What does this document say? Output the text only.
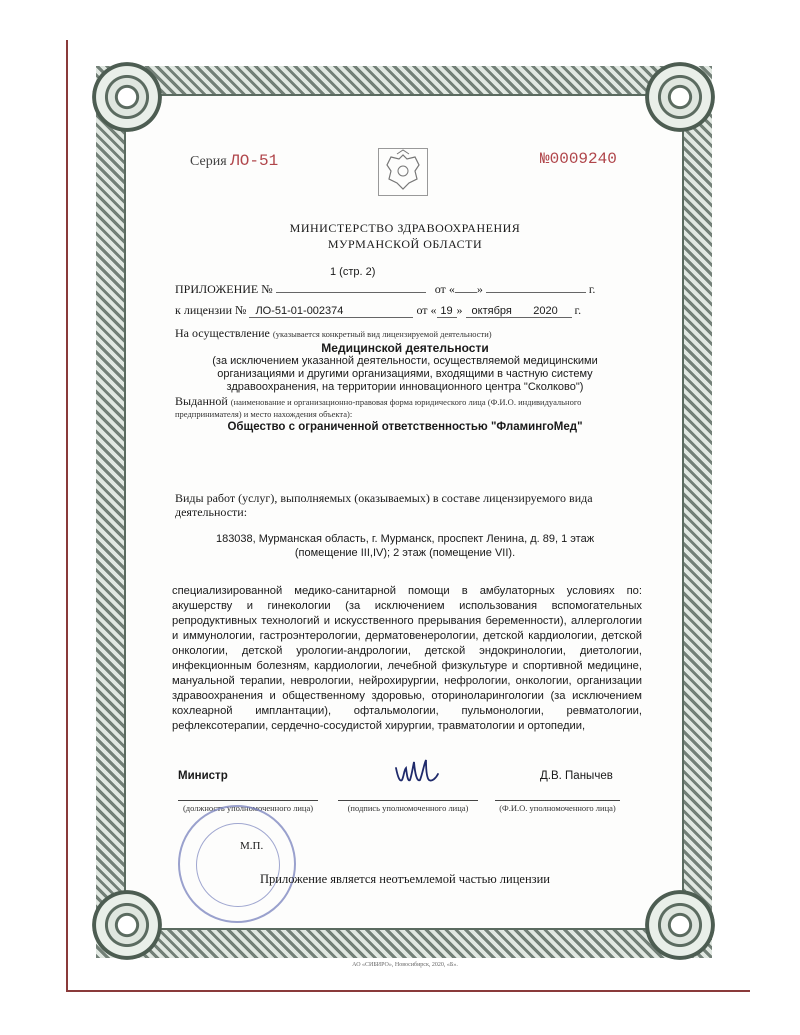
Серия ЛО-51	№0009240
МИНИСТЕРСТВО ЗДРАВООХРАНЕНИЯ
МУРМАНСКОЙ ОБЛАСТИ
1 (стр. 2)
ПРИЛОЖЕНИЕ №	от « »	г.
к лицензии № ЛО-51-01-002374	от « 19 » октября 2020 г.
На осуществление (указывается конкретный вид лицензируемой деятельности)
Медицинской деятельности
(за исключением указанной деятельности, осуществляемой медицинскими организациями и другими организациями, входящими в частную систему здравоохранения, на территории инновационного центра "Сколково")
Выданной (наименование и организационно-правовая форма юридического лица (Ф.И.О. индивидуального предпринимателя) и место нахождения объекта):
Общество с ограниченной ответственностью "ФламингоМед"
Виды работ (услуг), выполняемых (оказываемых) в составе лицензируемого вида деятельности:
183038, Мурманская область, г. Мурманск, проспект Ленина, д. 89, 1 этаж (помещение III,IV); 2 этаж (помещение VII).
специализированной медико-санитарной помощи в амбулаторных условиях по: акушерству и гинекологии (за исключением использования вспомогательных репродуктивных технологий и искусственного прерывания беременности), аллергологии и иммунологии, гастроэнтерологии, дерматовенерологии, детской кардиологии, детской онкологии, детской урологии-андрологии, детской эндокринологии, диетологии, инфекционным болезням, кардиологии, лечебной физкультуре и спортивной медицине, мануальной терапии, неврологии, нейрохирургии, нефрологии, онкологии, организации здравоохранения и общественному здоровью, оториноларингологии (за исключением кохлеарной имплантации), офтальмологии, пульмонологии, ревматологии, рефлексотерапии, сердечно-сосудистой хирургии, травматологии и ортопедии,
Министр	Д.В. Панычев
(должность уполномоченного лица)	(подпись уполномоченного лица)	(Ф.И.О. уполномоченного лица)
М.П.
Приложение является неотъемлемой частью лицензии
АО «СИБИРО», Новосибирск, 2020, «Б».
